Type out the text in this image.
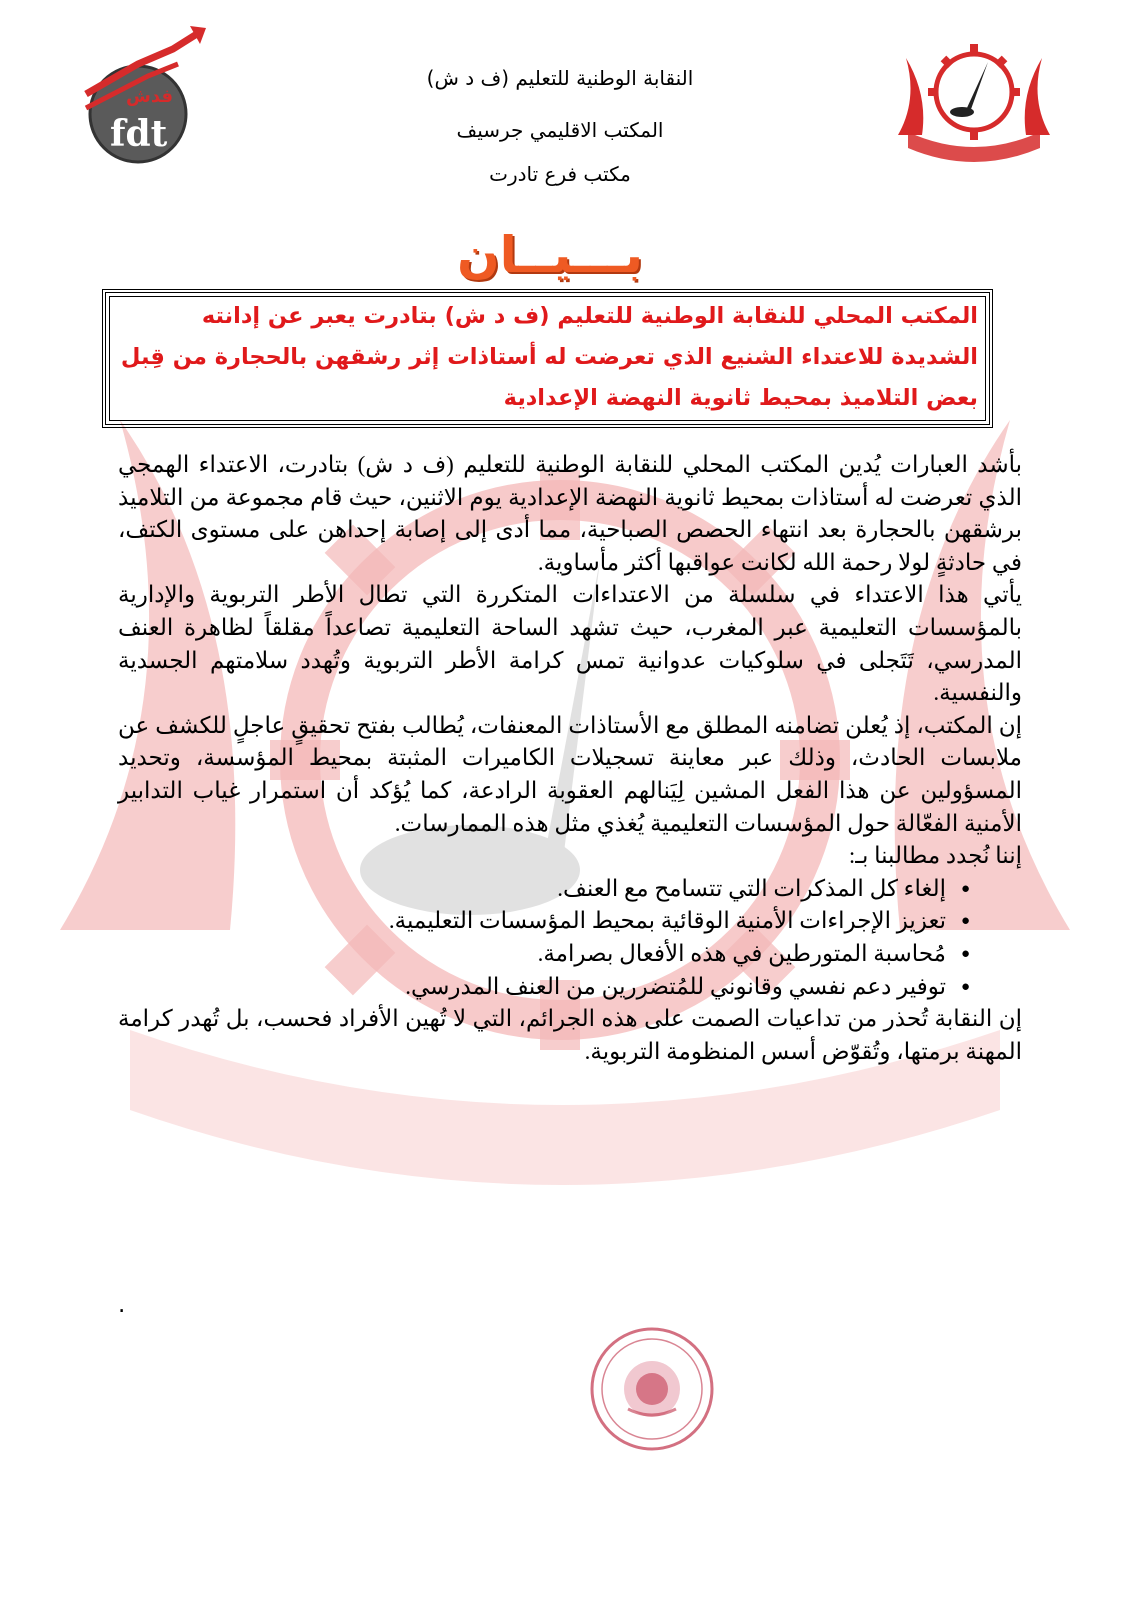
فدش
fdt
النقابة الوطنية للتعليم (ف د ش)
المكتب الاقليمي جرسيف
مكتب فرع تادرت
بـــيــان
المكتب المحلي للنقابة الوطنية للتعليم (ف د ش) بتادرت يعبر عن إدانته الشديدة للاعتداء الشنيع الذي تعرضت له أستاذات إثر رشقهن بالحجارة من قِبل بعض التلاميذ بمحيط ثانوية النهضة الإعدادية

بأشد العبارات يُدين المكتب المحلي للنقابة الوطنية للتعليم (ف د ش) بتادرت، الاعتداء الهمجي الذي تعرضت له أستاذات بمحيط ثانوية النهضة الإعدادية يوم الاثنين، حيث قام مجموعة من التلاميذ برشقهن بالحجارة بعد انتهاء الحصص الصباحية، مما أدى إلى إصابة إحداهن على مستوى الكتف، في حادثةٍ لولا رحمة الله لكانت عواقبها أكثر مأساوية.

يأتي هذا الاعتداء في سلسلة من الاعتداءات المتكررة التي تطال الأطر التربوية والإدارية بالمؤسسات التعليمية عبر المغرب، حيث تشهد الساحة التعليمية تصاعداً مقلقاً لظاهرة العنف المدرسي، تَتَجلى في سلوكيات عدوانية تمس كرامة الأطر التربوية وتُهدد سلامتهم الجسدية والنفسية.

إن المكتب، إذ يُعلن تضامنه المطلق مع الأستاذات المعنفات، يُطالب بفتح تحقيقٍ عاجلٍ للكشف عن ملابسات الحادث، وذلك عبر معاينة تسجيلات الكاميرات المثبتة بمحيط المؤسسة، وتحديد المسؤولين عن هذا الفعل المشين لِيَنالهم العقوبة الرادعة، كما يُؤكد أن استمرار غياب التدابير الأمنية الفعّالة حول المؤسسات التعليمية يُغذي مثل هذه الممارسات.

إننا نُجدد مطالبنا بـ:

● إلغاء كل المذكرات التي تتسامح مع العنف.
● تعزيز الإجراءات الأمنية الوقائية بمحيط المؤسسات التعليمية.
● مُحاسبة المتورطين في هذه الأفعال بصرامة.
● توفير دعم نفسي وقانوني للمُتضررين من العنف المدرسي.

إن النقابة تُحذر من تداعيات الصمت على هذه الجرائم، التي لا تُهين الأفراد فحسب، بل تُهدر كرامة المهنة برمتها، وتُقوّض أسس المنظومة التربوية.

.
